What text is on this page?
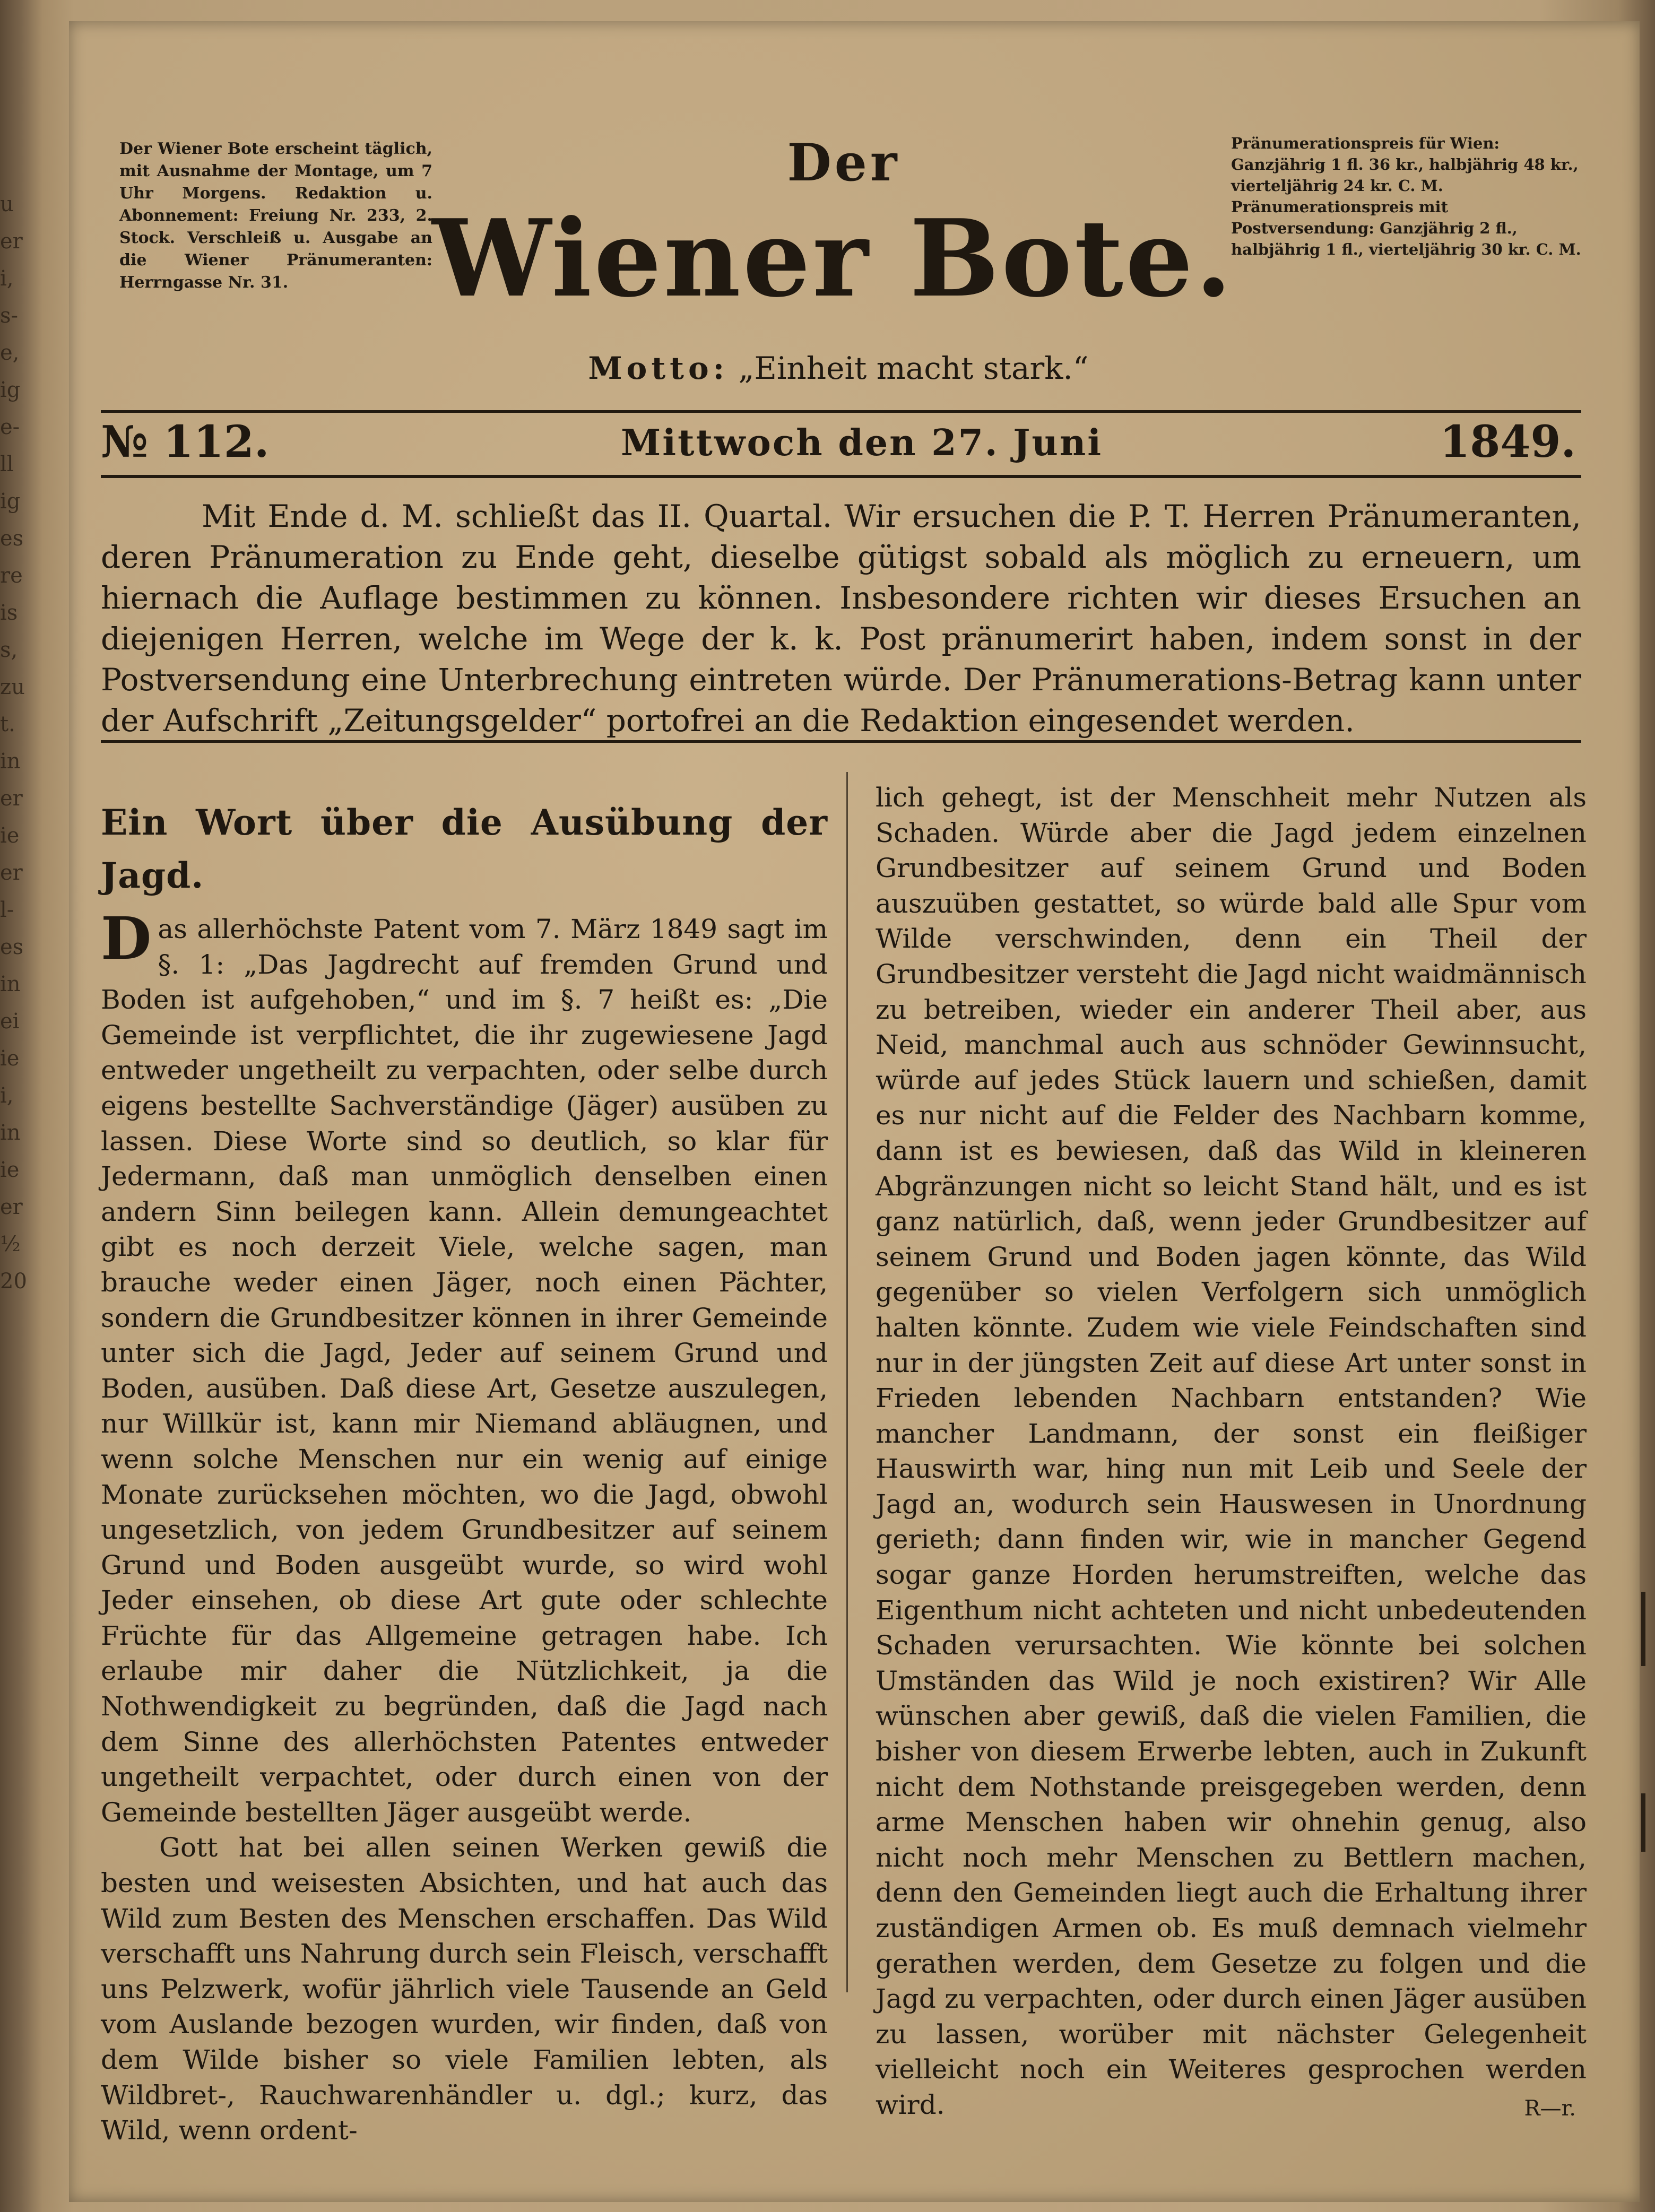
u
er
i,
s-
e,
ig
e-
ll
ig
es
re
is
s,
zu
t.
in
er
ie
er
l-
es
in
ei
ie
i,
in
ie
er
½
20
Der Wiener Bote erscheint täglich, mit Ausnahme der Montage, um 7 Uhr Morgens. Redaktion u. Abonnement: Freiung Nr. 233, 2. Stock. Verschleiß u. Ausgabe an die Wiener Pränumeranten: Herrngasse Nr. 31.
Der
Wiener Bote.
Pränumerationspreis für Wien: Ganzjährig 1 fl. 36 kr., halbjährig 48 kr., vierteljährig 24 kr. C. M. Pränumerationspreis mit Postversendung: Ganzjährig 2 fl., halbjährig 1 fl., vierteljährig 30 kr. C. M.
Motto: „Einheit macht stark.“
№ 112.	Mittwoch den 27. Juni	1849.
Mit Ende d. M. schließt das II. Quartal. Wir ersuchen die P. T. Herren Pränumeranten, deren Pränumeration zu Ende geht, dieselbe gütigst sobald als möglich zu erneuern, um hiernach die Auflage bestimmen zu können. Insbesondere richten wir dieses Ersuchen an diejenigen Herren, welche im Wege der k. k. Post pränumerirt haben, indem sonst in der Postversendung eine Unterbrechung eintreten würde. Der Pränumerations-Betrag kann unter der Aufschrift „Zeitungsgelder“ portofrei an die Redaktion eingesendet werden.

Ein Wort über die Ausübung der Jagd.

Das allerhöchste Patent vom 7. März 1849 sagt im §. 1: „Das Jagdrecht auf fremden Grund und Boden ist aufgehoben,“ und im §. 7 heißt es: „Die Gemeinde ist verpflichtet, die ihr zugewiesene Jagd entweder ungetheilt zu verpachten, oder selbe durch eigens bestellte Sachverständige (Jäger) ausüben zu lassen. Diese Worte sind so deutlich, so klar für Jedermann, daß man unmöglich denselben einen andern Sinn beilegen kann. Allein demungeachtet gibt es noch derzeit Viele, welche sagen, man brauche weder einen Jäger, noch einen Pächter, sondern die Grundbesitzer können in ihrer Gemeinde unter sich die Jagd, Jeder auf seinem Grund und Boden, ausüben. Daß diese Art, Gesetze auszulegen, nur Willkür ist, kann mir Niemand abläugnen, und wenn solche Menschen nur ein wenig auf einige Monate zurücksehen möchten, wo die Jagd, obwohl ungesetzlich, von jedem Grundbesitzer auf seinem Grund und Boden ausgeübt wurde, so wird wohl Jeder einsehen, ob diese Art gute oder schlechte Früchte für das Allgemeine getragen habe. Ich erlaube mir daher die Nützlichkeit, ja die Nothwendigkeit zu begründen, daß die Jagd nach dem Sinne des allerhöchsten Patentes entweder ungetheilt verpachtet, oder durch einen von der Gemeinde bestellten Jäger ausgeübt werde.

Gott hat bei allen seinen Werken gewiß die besten und weisesten Absichten, und hat auch das Wild zum Besten des Menschen erschaffen. Das Wild verschafft uns Nahrung durch sein Fleisch, verschafft uns Pelzwerk, wofür jährlich viele Tausende an Geld vom Auslande bezogen wurden, wir finden, daß von dem Wilde bisher so viele Familien lebten, als Wildbret-, Rauchwarenhändler u. dgl.; kurz, das Wild, wenn ordent-

lich gehegt, ist der Menschheit mehr Nutzen als Schaden. Würde aber die Jagd jedem einzelnen Grundbesitzer auf seinem Grund und Boden auszuüben gestattet, so würde bald alle Spur vom Wilde verschwinden, denn ein Theil der Grundbesitzer versteht die Jagd nicht waidmännisch zu betreiben, wieder ein anderer Theil aber, aus Neid, manchmal auch aus schnöder Gewinnsucht, würde auf jedes Stück lauern und schießen, damit es nur nicht auf die Felder des Nachbarn komme, dann ist es bewiesen, daß das Wild in kleineren Abgränzungen nicht so leicht Stand hält, und es ist ganz natürlich, daß, wenn jeder Grundbesitzer auf seinem Grund und Boden jagen könnte, das Wild gegenüber so vielen Verfolgern sich unmöglich halten könnte. Zudem wie viele Feindschaften sind nur in der jüngsten Zeit auf diese Art unter sonst in Frieden lebenden Nachbarn entstanden? Wie mancher Landmann, der sonst ein fleißiger Hauswirth war, hing nun mit Leib und Seele der Jagd an, wodurch sein Hauswesen in Unordnung gerieth; dann finden wir, wie in mancher Gegend sogar ganze Horden herumstreiften, welche das Eigenthum nicht achteten und nicht unbedeutenden Schaden verursachten. Wie könnte bei solchen Umständen das Wild je noch existiren? Wir Alle wünschen aber gewiß, daß die vielen Familien, die bisher von diesem Erwerbe lebten, auch in Zukunft nicht dem Nothstande preisgegeben werden, denn arme Menschen haben wir ohnehin genug, also nicht noch mehr Menschen zu Bettlern machen, denn den Gemeinden liegt auch die Erhaltung ihrer zuständigen Armen ob. Es muß demnach vielmehr gerathen werden, dem Gesetze zu folgen und die Jagd zu verpachten, oder durch einen Jäger ausüben zu lassen, worüber mit nächster Gelegenheit vielleicht noch ein Weiteres gesprochen werden wird.	R—r.
